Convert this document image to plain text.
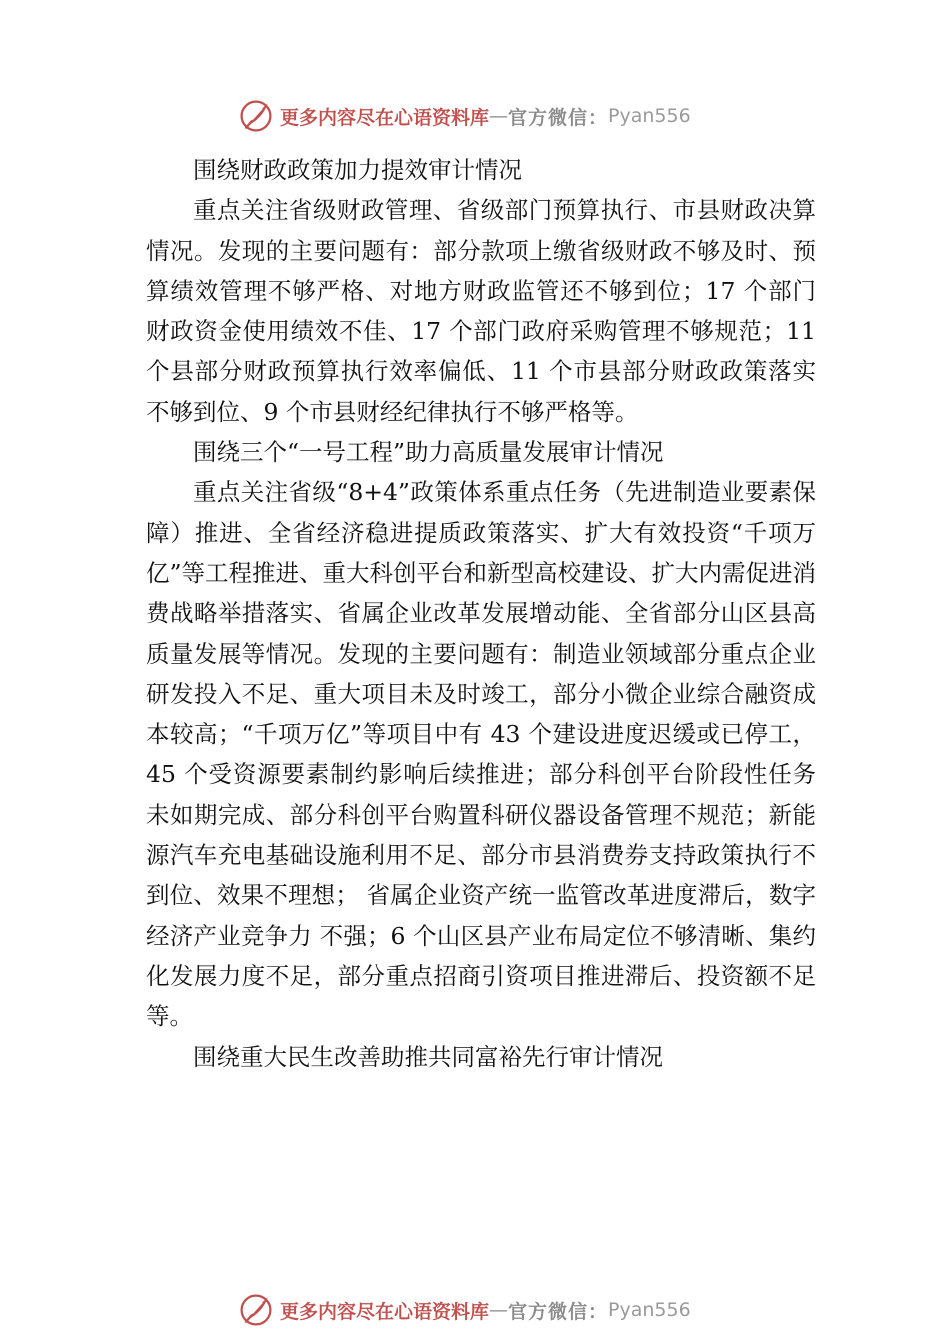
更多内容尽在心语资料库 — 官方微信： Pyan556

围绕财政政策加力提效审计情况

重点关注省级财政管理、省级部门预算执行、市县财政决算情况。发现的主要问题有：部分款项上缴省级财政不够及时、预算绩效管理不够严格、对地方财政监管还不够到位；17 个部门财政资金使用绩效不佳、17 个部门政府采购管理不够规范；11 个县部分财政预算执行效率偏低、11 个市县部分财政政策落实不够到位、9 个市县财经纪律执行不够严格等。

围绕三个“一号工程”助力高质量发展审计情况

重点关注省级“8+4”政策体系重点任务（先进制造业要素保障）推进、全省经济稳进提质政策落实、扩大有效投资“千项万亿”等工程推进、重大科创平台和新型高校建设、扩大内需促进消费战略举措落实、省属企业改革发展增动能、全省部分山区县高质量发展等情况。发现的主要问题有：制造业领域部分重点企业研发投入不足、重大项目未及时竣工，部分小微企业综合融资成本较高；“千项万亿”等项目中有 43 个建设进度迟缓或已停工，45 个受资源要素制约影响后续推进；部分科创平台阶段性任务未如期完成、部分科创平台购置科研仪器设备管理不规范；新能源汽车充电基础设施利用不足、部分市县消费券支持政策执行不到位、效果不理想； 省属企业资产统一监管改革进度滞后，数字经济产业竞争力 不强；6 个山区县产业布局定位不够清晰、集约化发展力度不足，部分重点招商引资项目推进滞后、投资额不足等。

围绕重大民生改善助推共同富裕先行审计情况

更多内容尽在心语资料库 — 官方微信： Pyan556
